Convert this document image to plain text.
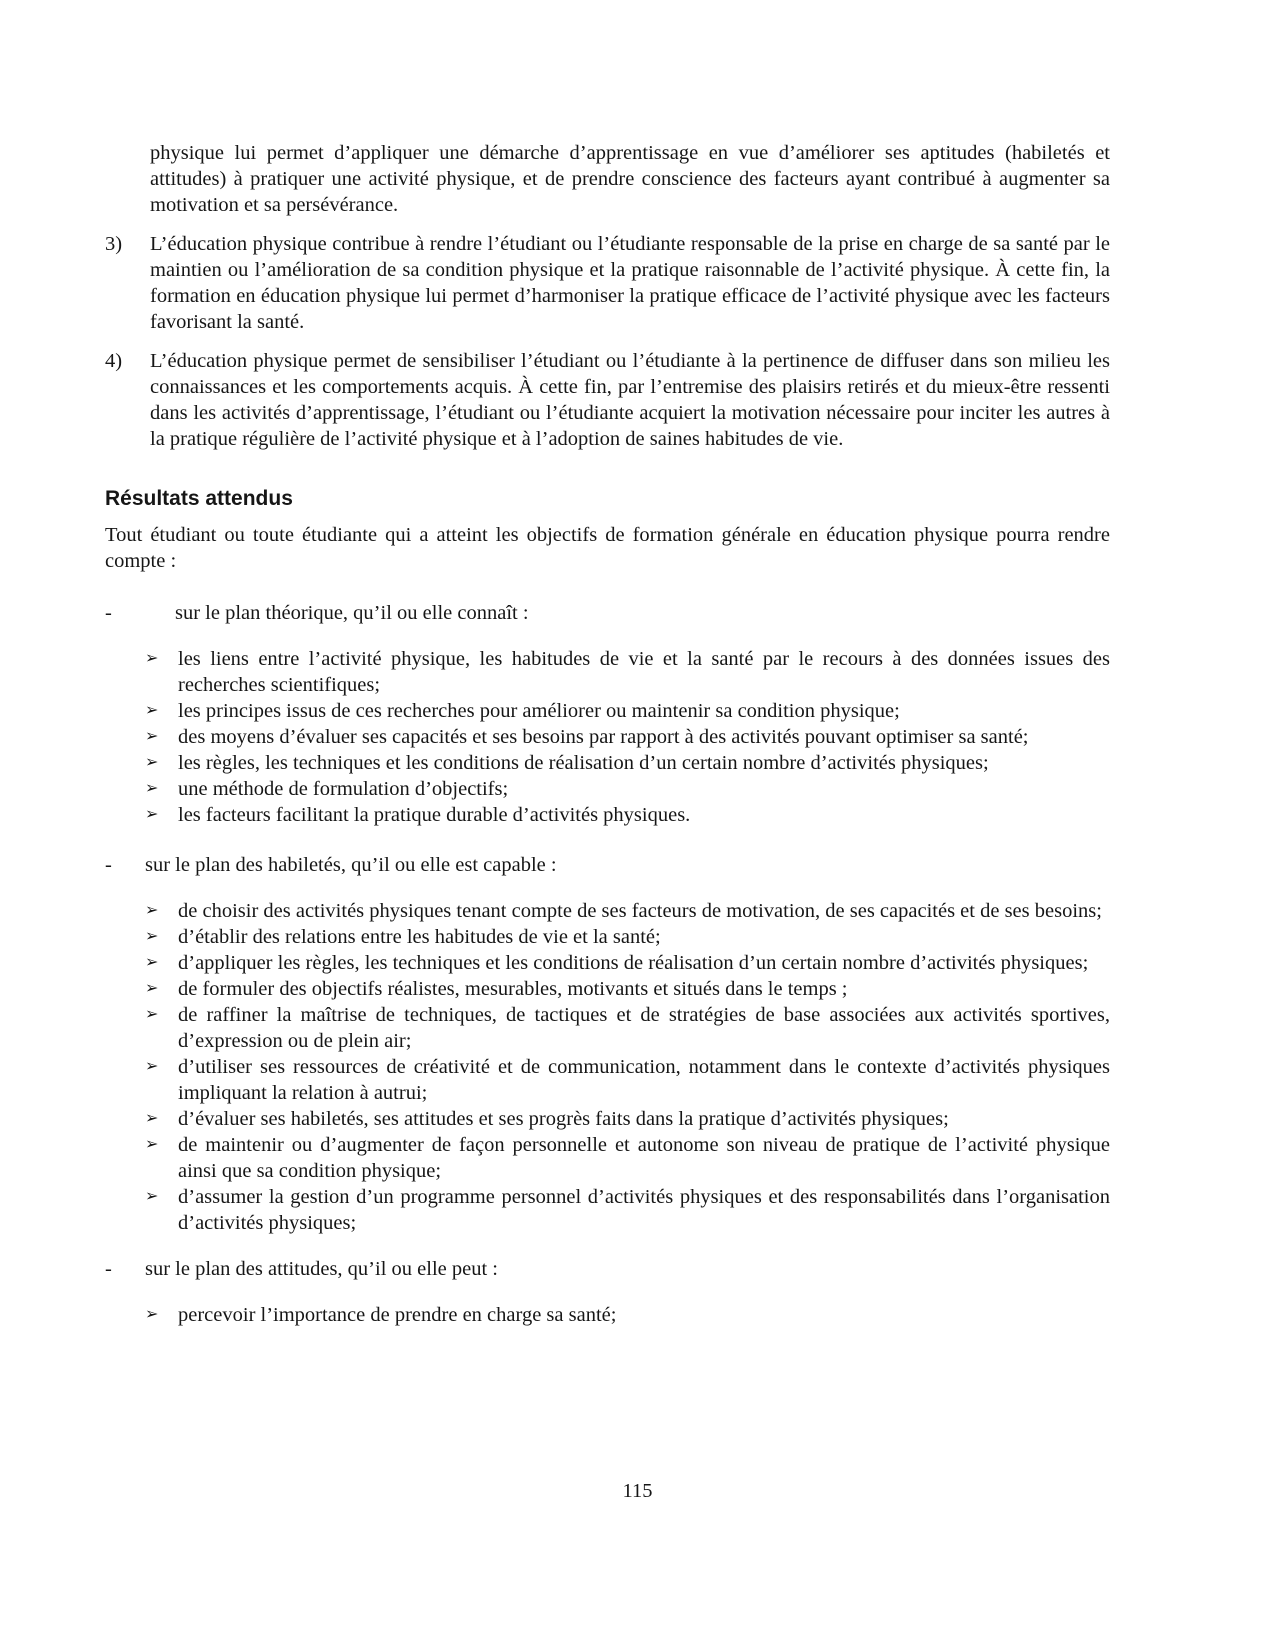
physique lui permet d’appliquer une démarche d’apprentissage en vue d’améliorer ses aptitudes (habiletés et attitudes) à pratiquer une activité physique, et de prendre conscience des facteurs ayant contribué à augmenter sa motivation et sa persévérance.

3)	L’éducation physique contribue à rendre l’étudiant ou l’étudiante responsable de la prise en charge de sa santé par le maintien ou l’amélioration de sa condition physique et la pratique raisonnable de l’activité physique. À cette fin, la formation en éducation physique lui permet d’harmoniser la pratique efficace de l’activité physique avec les facteurs favorisant la santé.

4)	L’éducation physique permet de sensibiliser l’étudiant ou l’étudiante à la pertinence de diffuser dans son milieu les connaissances et les comportements acquis. À cette fin, par l’entremise des plaisirs retirés et du mieux-être ressenti dans les activités d’apprentissage, l’étudiant ou l’étudiante acquiert la motivation nécessaire pour inciter les autres à la pratique régulière de l’activité physique et à l’adoption de saines habitudes de vie.

Résultats attendus

Tout étudiant ou toute étudiante qui a atteint les objectifs de formation générale en éducation physique pourra rendre compte :

-	sur le plan théorique, qu’il ou elle connaît :
➢ les liens entre l’activité physique, les habitudes de vie et la santé par le recours à des données issues des recherches scientifiques;
➢ les principes issus de ces recherches pour améliorer ou maintenir sa condition physique;
➢ des moyens d’évaluer ses capacités et ses besoins par rapport à des activités pouvant optimiser sa santé;
➢ les règles, les techniques et les conditions de réalisation d’un certain nombre d’activités physiques;
➢ une méthode de formulation d’objectifs;
➢ les facteurs facilitant la pratique durable d’activités physiques.
-	sur le plan des habiletés, qu’il ou elle est capable :
➢ de choisir des activités physiques tenant compte de ses facteurs de motivation, de ses capacités et de ses besoins;
➢ d’établir des relations entre les habitudes de vie et la santé;
➢ d’appliquer les règles, les techniques et les conditions de réalisation d’un certain nombre d’activités physiques;
➢ de formuler des objectifs réalistes, mesurables, motivants et situés dans le temps ;
➢ de raffiner la maîtrise de techniques, de tactiques et de stratégies de base associées aux activités sportives, d’expression ou de plein air;
➢ d’utiliser ses ressources de créativité et de communication, notamment dans le contexte d’activités physiques impliquant la relation à autrui;
➢ d’évaluer ses habiletés, ses attitudes et ses progrès faits dans la pratique d’activités physiques;
➢ de maintenir ou d’augmenter de façon personnelle et autonome son niveau de pratique de l’activité physique ainsi que sa condition physique;
➢ d’assumer la gestion d’un programme personnel d’activités physiques et des responsabilités dans l’organisation d’activités physiques;
-	sur le plan des attitudes, qu’il ou elle peut :
➢ percevoir l’importance de prendre en charge sa santé;
115
